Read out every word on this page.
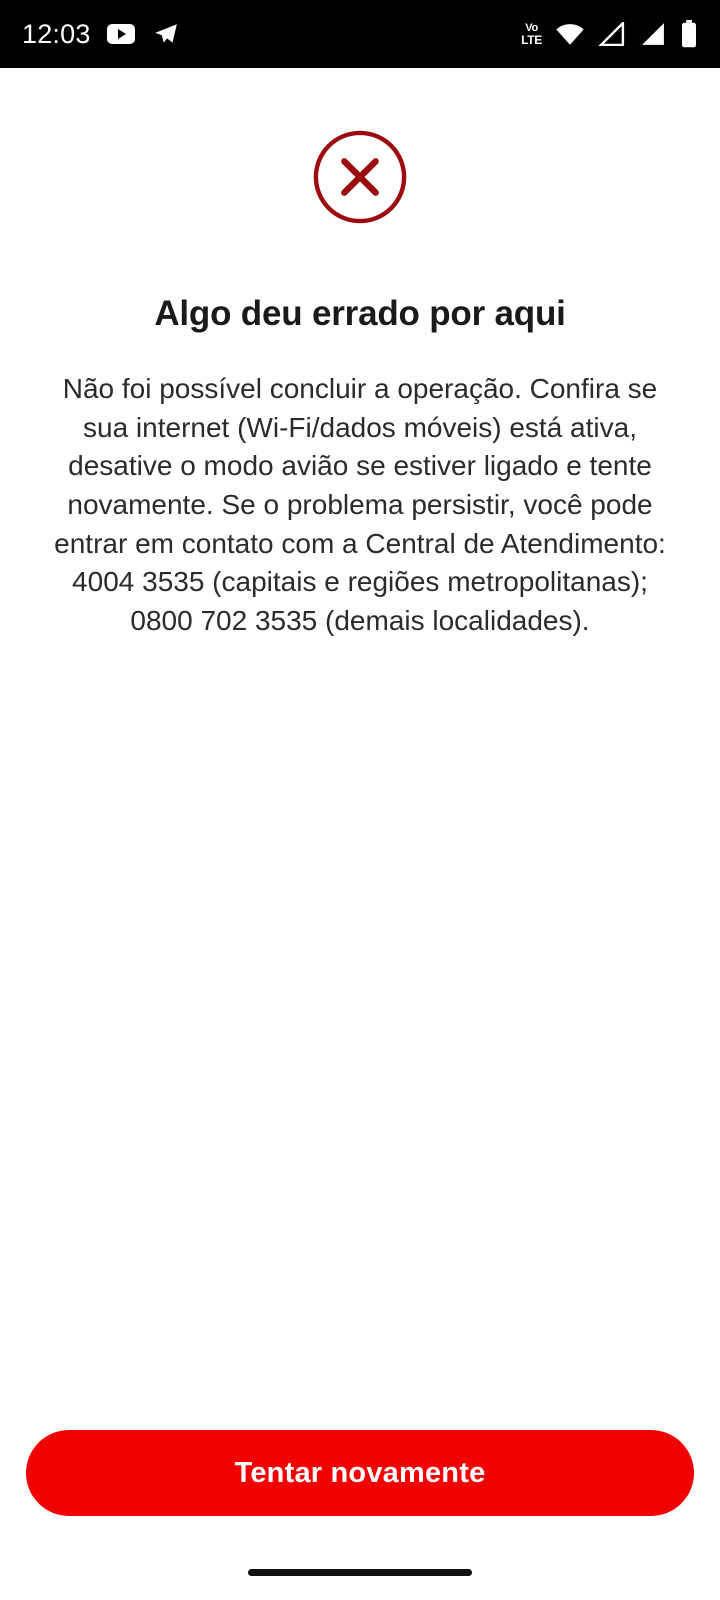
12:03	Vo
LTE
Algo deu errado por aqui

Não foi possível concluir a operação. Confira se sua internet (Wi-Fi/dados móveis) está ativa, desative o modo avião se estiver ligado e tente novamente. Se o problema persistir, você pode entrar em contato com a Central de Atendimento: 4004 3535 (capitais e regiões metropolitanas); 0800 702 3535 (demais localidades).

Tentar novamente
